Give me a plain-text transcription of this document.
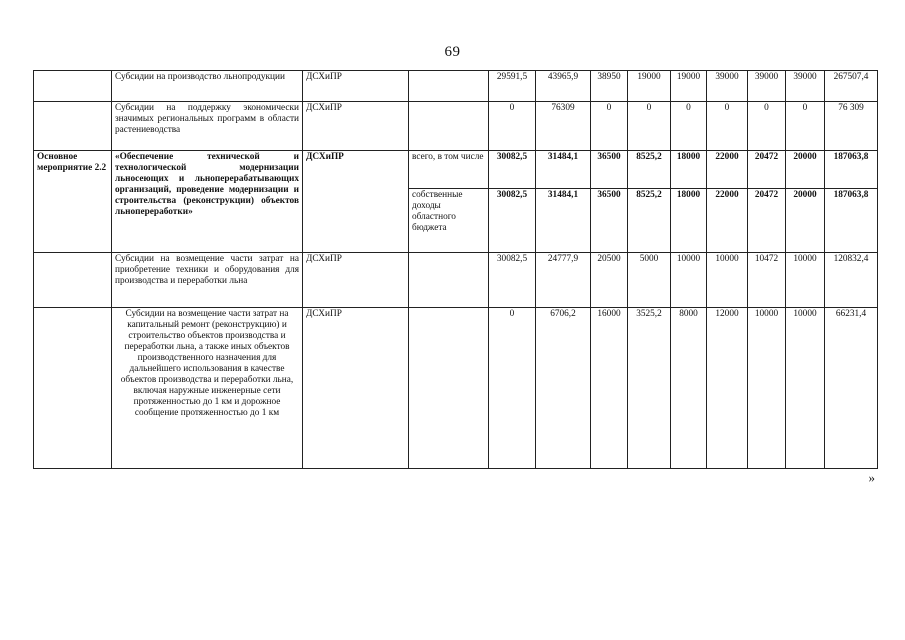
69
	Субсидии на производство льнопродукции	ДСХиПР		29591,5	43965,9	38950	19000	19000	39000	39000	39000	267507,4
	Субсидии на поддержку экономически значимых региональных программ в области растениеводства	ДСХиПР		0	76309	0	0	0	0	0	0	76 309
Основное мероприятие 2.2	«Обеспечение технической и технологической модернизации льносеющих и льноперерабатывающих организаций, проведение модернизации и строительства (реконструкции) объектов льнопереработки»	ДСХиПР	всего, в том числе	30082,5	31484,1	36500	8525,2	18000	22000	20472	20000	187063,8
			собственные доходы областного бюджета	30082,5	31484,1	36500	8525,2	18000	22000	20472	20000	187063,8
	Субсидии на возмещение части затрат на приобретение техники и оборудования для производства и переработки льна	ДСХиПР		30082,5	24777,9	20500	5000	10000	10000	10472	10000	120832,4
	Субсидии на возмещение части затрат на капитальный ремонт (реконструкцию) и строительство объектов производства и переработки льна, а также иных объектов производственного назначения для дальнейшего использования в качестве объектов производства и переработки льна, включая наружные инженерные сети протяженностью до 1 км и дорожное сообщение протяженностью до 1 км	ДСХиПР		0	6706,2	16000	3525,2	8000	12000	10000	10000	66231,4
»
